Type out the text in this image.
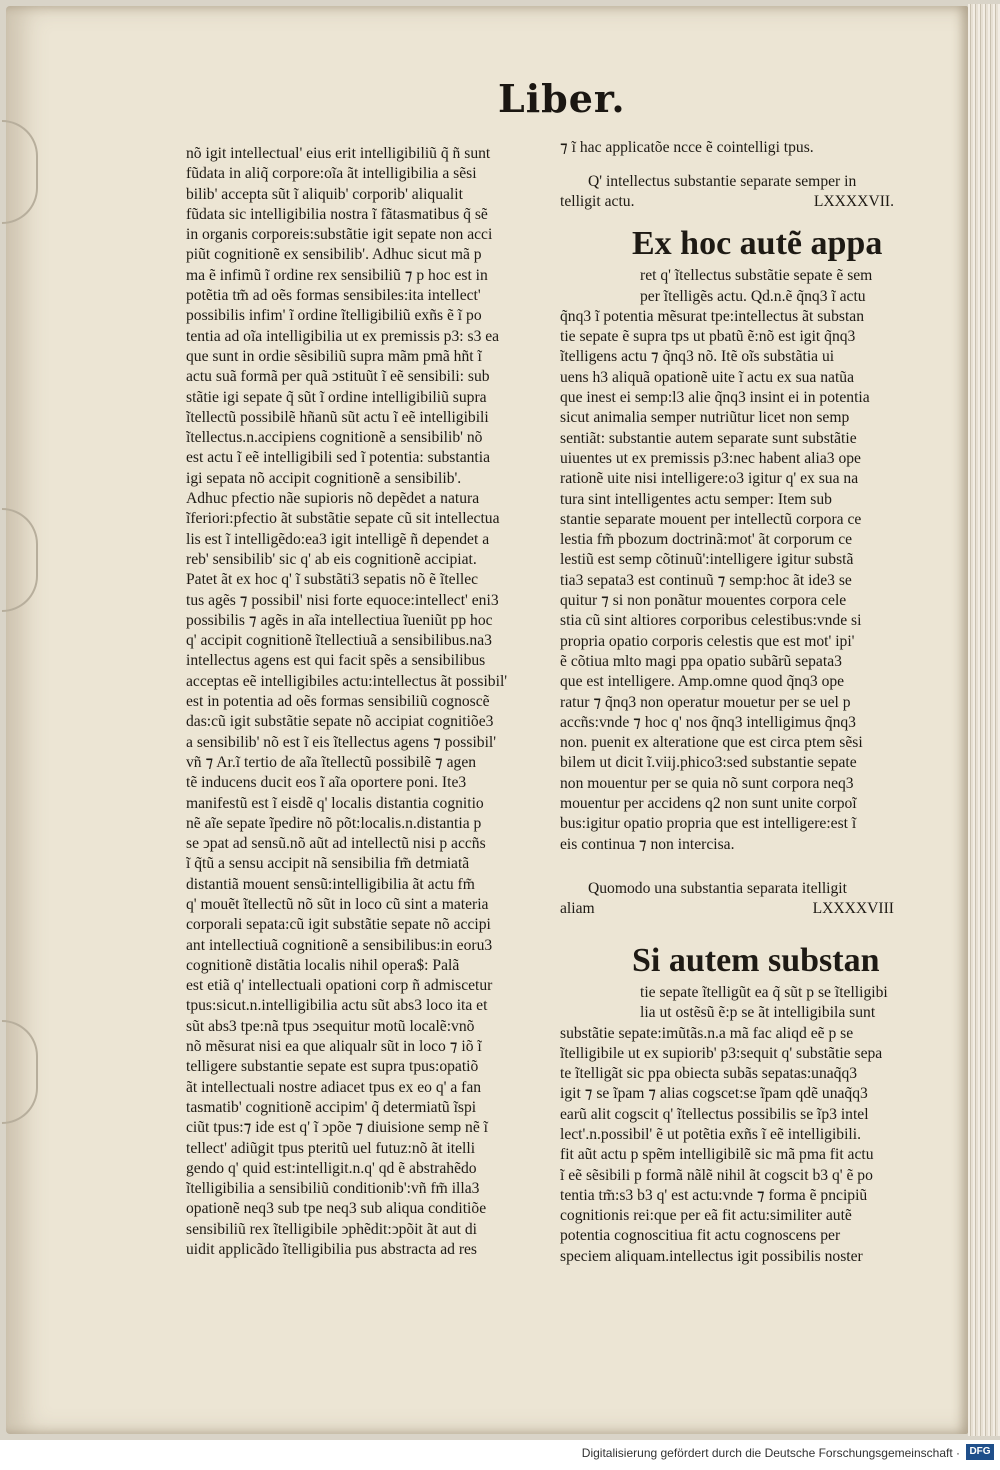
Liber.
nõ igit intellectual' eius erit intelligibiliũ q̃ ñ sunt
fũdata in aliq̃ corpore:oĩa ãt intelligibilia a sẽsi
bilib' accepta sũt ĩ aliquib' corporib' aliqualit
fũdata sic intelligibilia nostra ĩ fãtasmatibus q̃ sẽ
in organis corporeis:substãtie igit sepate non acci
piũt cognitionẽ ex sensibilib'. Adhuc sicut mã p
ma ẽ infimũ ĩ ordine rex sensibiliũ ⁊ p hoc est in
potẽtia tm̃ ad oẽs formas sensibiles:ita intellect'
possibilis infim' ĩ ordine ĩtelligibiliũ exñs ẽ ĩ po
tentia ad oĩa intelligibilia ut ex premissis p3: s3 ea
que sunt in ordie sẽsibiliũ supra mãm pmã hñt ĩ
actu suã formã per quã ↄstituũt ĩ eẽ sensibili: sub
stãtie igi sepate q̃ sũt ĩ ordine intelligibiliũ supra
ĩtellectũ possibilẽ hñanũ sũt actu ĩ eẽ intelligibili
ĩtellectus.n.accipiens cognitionẽ a sensibilib' nõ
est actu ĩ eẽ intelligibili sed ĩ potentia: substantia
igi sepata nõ accipit cognitionẽ a sensibilib'.
Adhuc pfectio nãe supioris nõ depẽdet a natura
ĩferiori:pfectio ãt substãtie sepate cũ sit intellectua
lis est ĩ intelligẽdo:ea3 igit intelligẽ ñ dependet a
reb' sensibilib' sic q' ab eis cognitionẽ accipiat.
Patet ãt ex hoc q' ĩ substãti3 sepatis nõ ẽ ĩtellec
tus agẽs ⁊ possibil' nisi forte equoce:intellect' eni3
possibilis ⁊ agẽs in aĩa intellectiua ĩueniũt pp hoc
q' accipit cognitionẽ ĩtellectiuã a sensibilibus.na3
intellectus agens est qui facit spẽs a sensibilibus
acceptas eẽ intelligibiles actu:intellectus ãt possibil'
est in potentia ad oẽs formas sensibiliũ cognoscẽ
das:cũ igit substãtie sepate nõ accipiat cognitiõe3
a sensibilib' nõ est ĩ eis ĩtellectus agens ⁊ possibil'
vñ ⁊ Ar.ĩ tertio de aĩa ĩtellectũ possibilẽ ⁊ agen
tẽ inducens ducit eos ĩ aĩa oportere poni. Ite3
manifestũ est ĩ eisdẽ q' localis distantia cognitio
nẽ aĩe sepate ĩpedire nõ põt:localis.n.distantia p
se ↄpat ad sensũ.nõ aũt ad intellectũ nisi p accñs
ĩ q̃tũ a sensu accipit nã sensibilia fm̃ detmiatã
distantiã mouent sensũ:intelligibilia ãt actu fm̃
q' mouẽt ĩtellectũ nõ sũt in loco cũ sint a materia
corporali sepata:cũ igit substãtie sepate nõ accipi
ant intellectiuã cognitionẽ a sensibilibus:in eoru3
cognitionẽ distãtia localis nihil opera$: Palã
est etiã q' intellectuali opationi corp ñ admiscetur
tpus:sicut.n.intelligibilia actu sũt abs3 loco ita et
sũt abs3 tpe:nã tpus ↄsequitur motũ localẽ:vnõ
nõ mẽsurat nisi ea que aliqualr sũt in loco ⁊ iõ ĩ
telligere substantie sepate est supra tpus:opatiõ
ãt intellectuali nostre adiacet tpus ex eo q' a fan
tasmatib' cognitionẽ accipim' q̃ determiatũ ĩspi
ciũt tpus:⁊ ide est q' ĩ ↄpõe ⁊ diuisione semp nẽ ĩ
tellect' adiũgit tpus pteritũ uel futuz:nõ ãt itelli
gendo q' quid est:intelligit.n.q' qd ẽ abstrahẽdo
ĩtelligibilia a sensibiliũ conditionib':vñ fm̃ illa3
opationẽ neq3 sub tpe neq3 sub aliqua conditiõe
sensibiliũ rex ĩtelligibile ↄphẽdit:ↄpõit ãt aut di
uidit applicãdo ĩtelligibilia pus abstracta ad res
⁊ ĩ hac applicatõe ncce ẽ cointelligi tpus.
Q' intellectus substantie separate semper in
telligit actu.	LXXXXVII.
Ex hoc autẽ appa
ret q' ĩtellectus substãtie sepate ẽ sem
per ĩtelligẽs actu. Qd.n.ẽ q̃nq3 ĩ actu
q̃nq3 ĩ potentia mẽsurat tpe:intellectus ãt substan
tie sepate ẽ supra tps ut pbatũ ẽ:nõ est igit q̃nq3
ĩtelligens actu ⁊ q̃nq3 nõ. Itẽ oĩs substãtia ui
uens h3 aliquã opationẽ uite ĩ actu ex sua natũa
que inest ei semp:l3 alie q̃nq3 insint ei in potentia
sicut animalia semper nutriũtur licet non semp
sentiãt: substantie autem separate sunt substãtie
uiuentes ut ex premissis p3:nec habent alia3 ope
rationẽ uite nisi intelligere:o3 igitur q' ex sua na
tura sint intelligentes actu semper: Item sub
stantie separate mouent per intellectũ corpora ce
lestia fm̃ pbozum doctrinã:mot' ãt corporum ce
lestiũ est semp cõtinuũ':intelligere igitur substã
tia3 sepata3 est continuũ ⁊ semp:hoc ãt ide3 se
quitur ⁊ si non ponãtur mouentes corpora cele
stia cũ sint altiores corporibus celestibus:vnde si
propria opatio corporis celestis que est mot' ipi'
ẽ cõtiua mlto magi ppa opatio subãrũ sepata3
que est intelligere. Amp.omne quod q̃nq3 ope
ratur ⁊ q̃nq3 non operatur mouetur per se uel p
accñs:vnde ⁊ hoc q' nos q̃nq3 intelligimus q̃nq3
non. puenit ex alteratione que est circa ptem sẽsi
bilem ut dicit ĩ.viij.phico3:sed substantie sepate
non mouentur per se quia nõ sunt corpora neq3
mouentur per accidens q2 non sunt unite corpoĩ
bus:igitur opatio propria que est intelligere:est ĩ
eis continua ⁊ non intercisa.
Quomodo una substantia separata itelligit
aliam	LXXXXVIII
Si autem substan
tie sepate ĩtelligũt ea q̃ sũt p se ĩtelligibi
lia ut ostẽsũ ẽ:p se ãt intelligibila sunt
substãtie sepate:imũtãs.n.a mã fac aliqd eẽ p se
ĩtelligibile ut ex supiorib' p3:sequit q' substãtie sepa
te ĩtelligãt sic ppa obiecta subãs sepatas:unaq̃q3
igit ⁊ se ĩpam ⁊ alias cogscet:se ĩpam qdẽ unaq̃q3
earũ alit cogscit q' ĩtellectus possibilis se ĩp3 intel
lect'.n.possibil' ẽ ut potẽtia exñs ĩ eẽ intelligibili.
fit aũt actu p spẽm intelligibilẽ sic mã pma fit actu
ĩ eẽ sẽsibili p formã nãlẽ nihil ãt cogscit b3 q' ẽ po
tentia tm̃:s3 b3 q' est actu:vnde ⁊ forma ẽ pncipiũ
cognitionis rei:que per eã fit actu:similiter autẽ
potentia cognoscitiua fit actu cognoscens per
speciem aliquam.intellectus igit possibilis noster
Digitalisierung gefördert durch die Deutsche Forschungsgemeinschaft · DFG
